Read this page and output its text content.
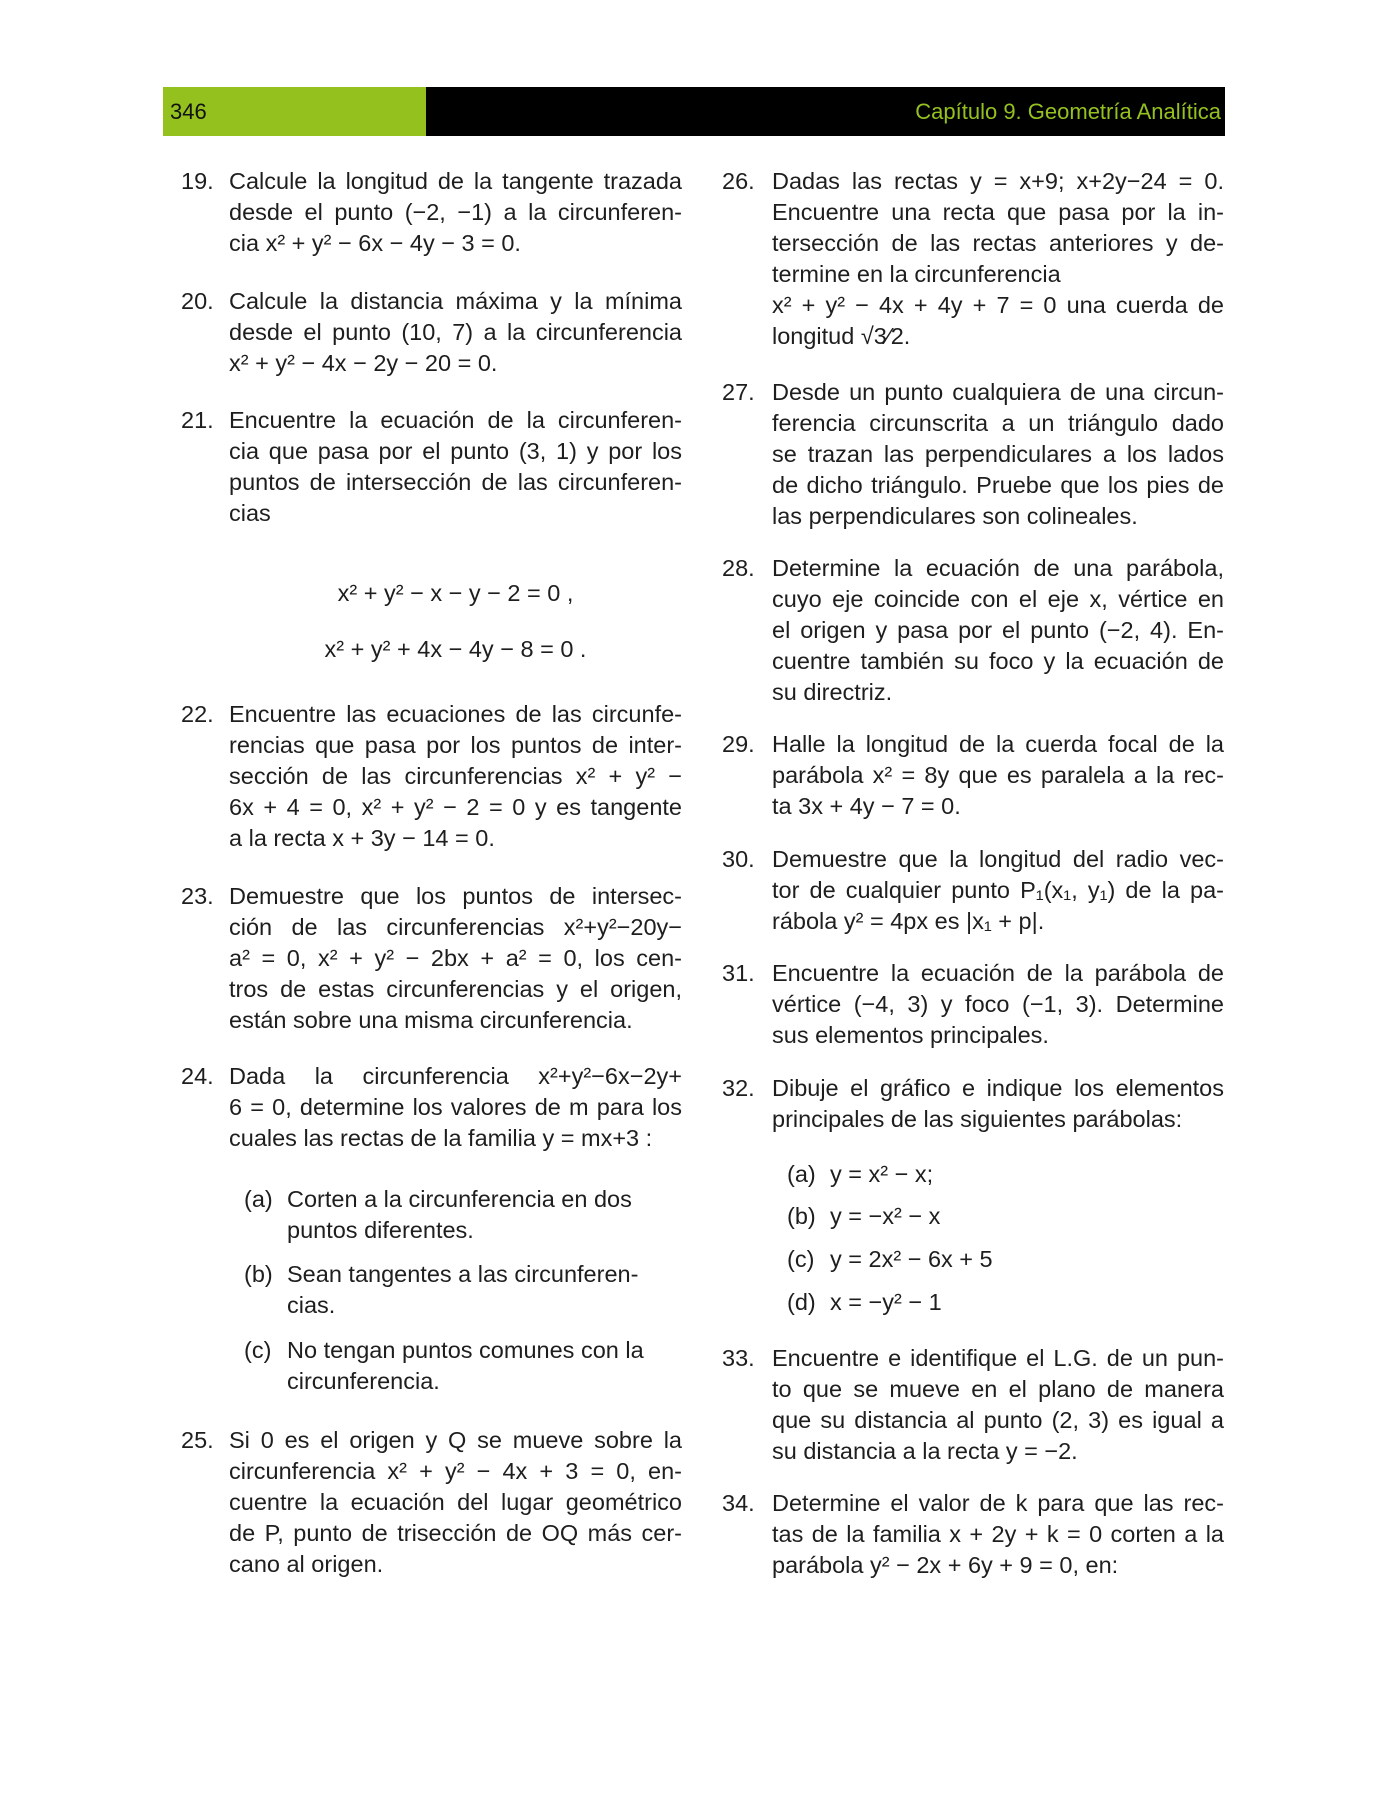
346	Capítulo 9. Geometría Analítica
19. Calcule la longitud de la tangente trazada
desde el punto (−2, −1) a la circunferen-
cia x² + y² − 6x − 4y − 3 = 0.
20. Calcule la distancia máxima y la mínima
desde el punto (10, 7) a la circunferencia
x² + y² − 4x − 2y − 20 = 0.
21. Encuentre la ecuación de la circunferen-
cia que pasa por el punto (3, 1) y por los
puntos de intersección de las circunferen-
cias
22. Encuentre las ecuaciones de las circunfe-
rencias que pasa por los puntos de inter-
sección de las circunferencias x² + y² −
6x + 4 = 0, x² + y² − 2 = 0 y es tangente
a la recta x + 3y − 14 = 0.
23. Demuestre que los puntos de intersec-
ción de las circunferencias x²+y²−20y−
a² = 0, x² + y² − 2bx + a² = 0, los cen-
tros de estas circunferencias y el origen,
están sobre una misma circunferencia.
24. Dada la circunferencia x²+y²−6x−2y+
6 = 0, determine los valores de m para los
cuales las rectas de la familia y = mx+3 :
25. Si 0 es el origen y Q se mueve sobre la
circunferencia x² + y² − 4x + 3 = 0, en-
cuentre la ecuación del lugar geométrico
de P, punto de trisección de OQ más cer-
cano al origen.
x² + y² − x − y − 2 = 0 ,
x² + y² + 4x − 4y − 8 = 0 .
(a) Corten a la circunferencia en dos
puntos diferentes.
(b) Sean tangentes a las circunferen-
cias.
(c) No tengan puntos comunes con la
circunferencia.
26. Dadas las rectas y = x+9; x+2y−24 = 0.
Encuentre una recta que pasa por la in-
tersección de las rectas anteriores y de-
termine en la circunferencia
x² + y² − 4x + 4y + 7 = 0 una cuerda de
longitud √3⁄2.
27. Desde un punto cualquiera de una circun-
ferencia circunscrita a un triángulo dado
se trazan las perpendiculares a los lados
de dicho triángulo. Pruebe que los pies de
las perpendiculares son colineales.
28. Determine la ecuación de una parábola,
cuyo eje coincide con el eje x, vértice en
el origen y pasa por el punto (−2, 4). En-
cuentre también su foco y la ecuación de
su directriz.
29. Halle la longitud de la cuerda focal de la
parábola x² = 8y que es paralela a la rec-
ta 3x + 4y − 7 = 0.
30. Demuestre que la longitud del radio vec-
tor de cualquier punto P₁(x₁, y₁) de la pa-
rábola y² = 4px es |x₁ + p|.
31. Encuentre la ecuación de la parábola de
vértice (−4, 3) y foco (−1, 3). Determine
sus elementos principales.
32. Dibuje el gráfico e indique los elementos
principales de las siguientes parábolas:
33. Encuentre e identifique el L.G. de un pun-
to que se mueve en el plano de manera
que su distancia al punto (2, 3) es igual a
su distancia a la recta y = −2.
34. Determine el valor de k para que las rec-
tas de la familia x + 2y + k = 0 corten a la
parábola y² − 2x + 6y + 9 = 0, en:
(a) y = x² − x;
(b) y = −x² − x
(c) y = 2x² − 6x + 5
(d) x = −y² − 1
